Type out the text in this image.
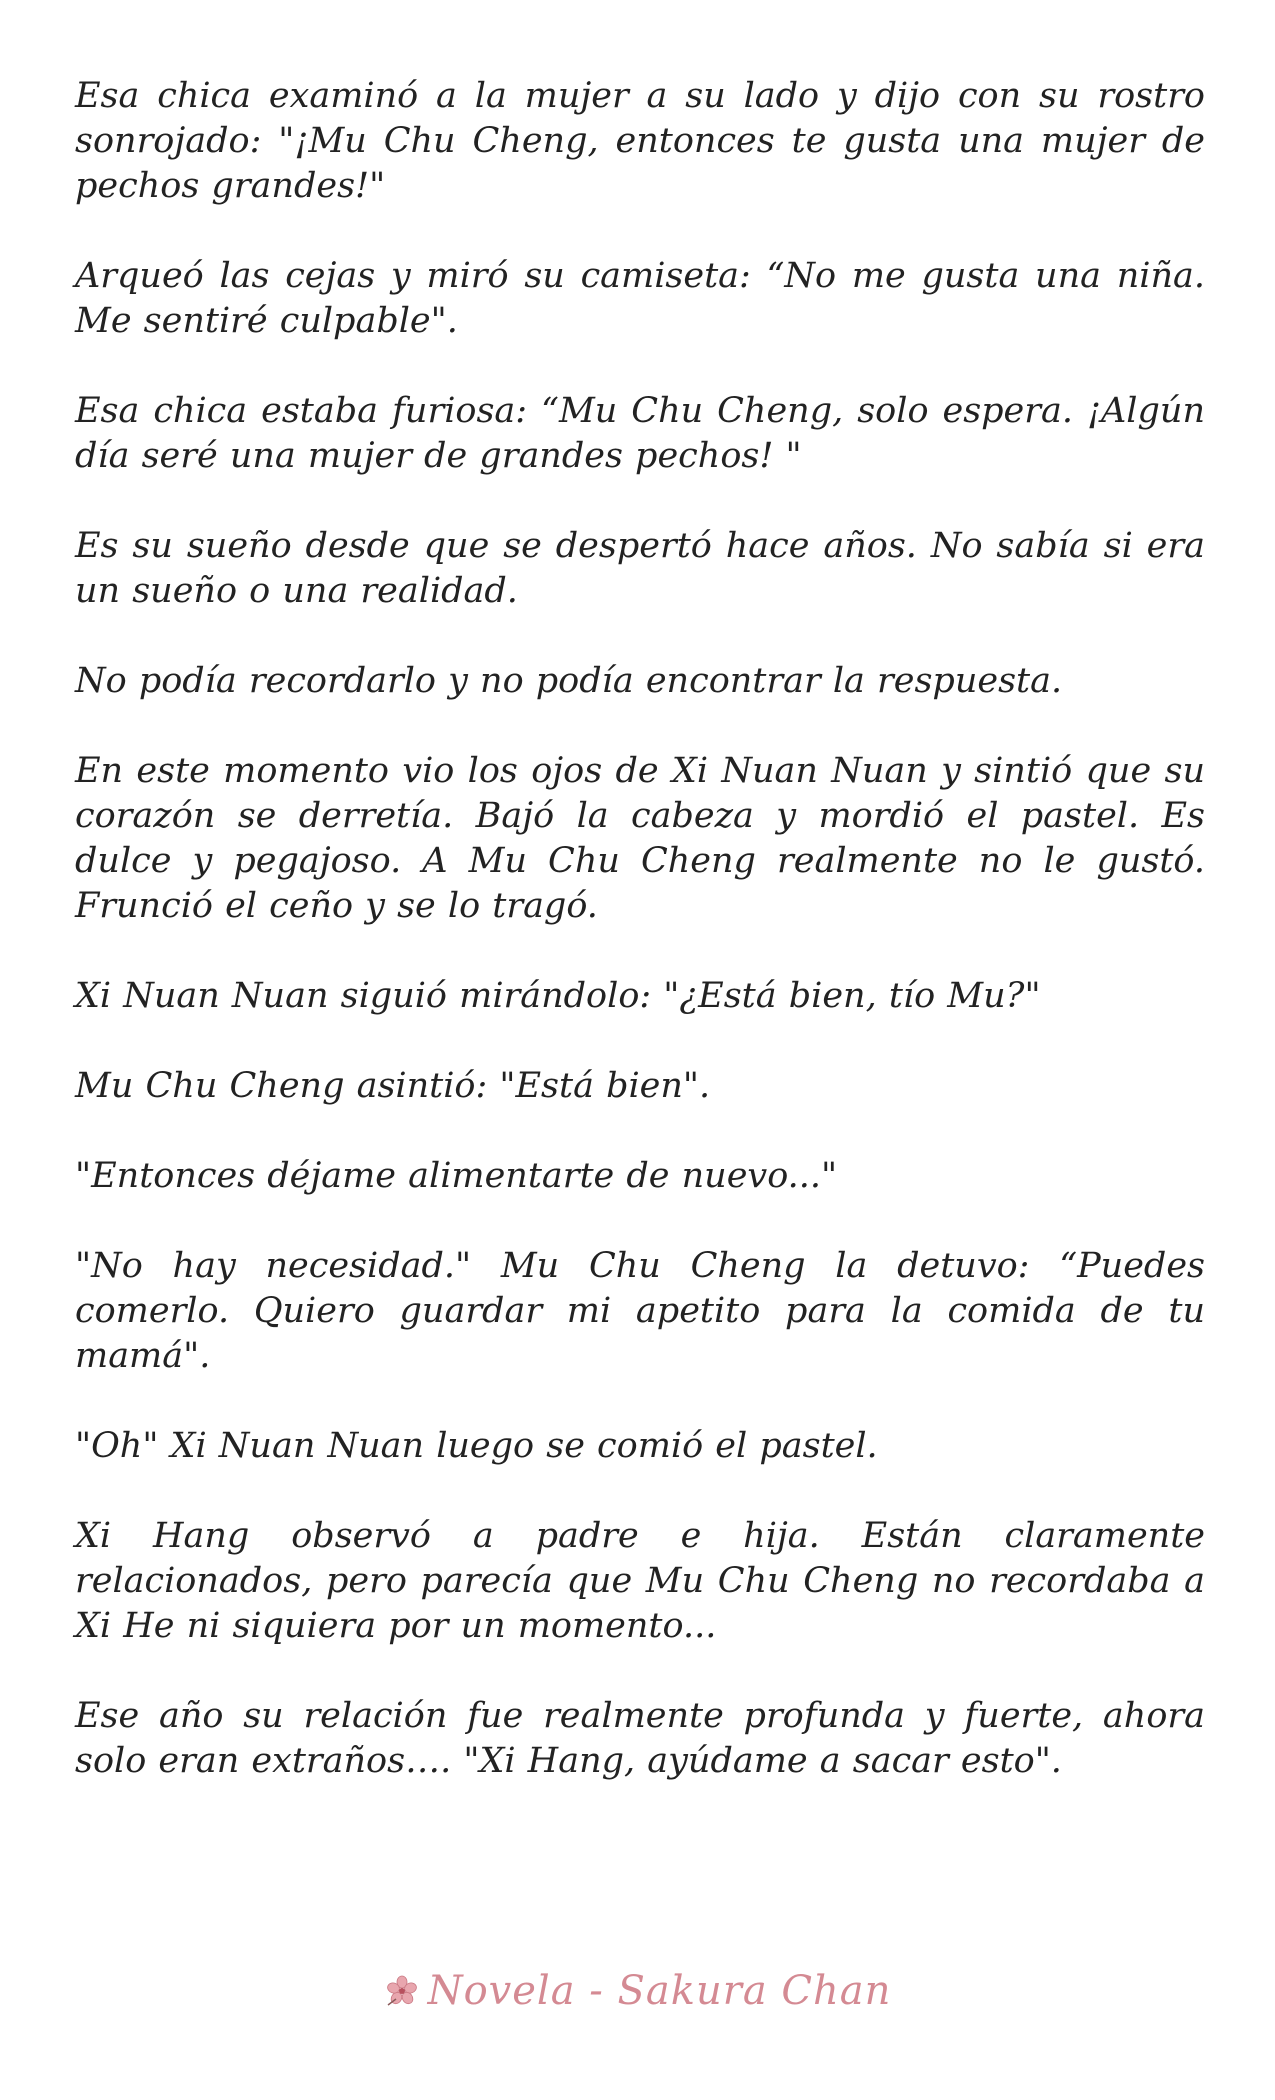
Esa chica examinó a la mujer a su lado y dijo con su rostro sonrojado: "¡Mu Chu Cheng, entonces te gusta una mujer de pechos grandes!"

Arqueó las cejas y miró su camiseta: “No me gusta una niña. Me sentiré culpable".

Esa chica estaba furiosa: “Mu Chu Cheng, solo espera. ¡Algún día seré una mujer de grandes pechos! "

Es su sueño desde que se despertó hace años. No sabía si era un sueño o una realidad.

No podía recordarlo y no podía encontrar la respuesta.

En este momento vio los ojos de Xi Nuan Nuan y sintió que su corazón se derretía. Bajó la cabeza y mordió el pastel. Es dulce y pegajoso. A Mu Chu Cheng realmente no le gustó. Frunció el ceño y se lo tragó.

Xi Nuan Nuan siguió mirándolo: "¿Está bien, tío Mu?"

Mu Chu Cheng asintió: "Está bien".

"Entonces déjame alimentarte de nuevo..."

"No hay necesidad." Mu Chu Cheng la detuvo: “Puedes comerlo. Quiero guardar mi apetito para la comida de tu mamá".

"Oh" Xi Nuan Nuan luego se comió el pastel.

Xi Hang observó a padre e hija. Están claramente relacionados, pero parecía que Mu Chu Cheng no recordaba a Xi He ni siquiera por un momento...

Ese año su relación fue realmente profunda y fuerte, ahora solo eran extraños…. "Xi Hang, ayúdame a sacar esto".

Novela - Sakura Chan
